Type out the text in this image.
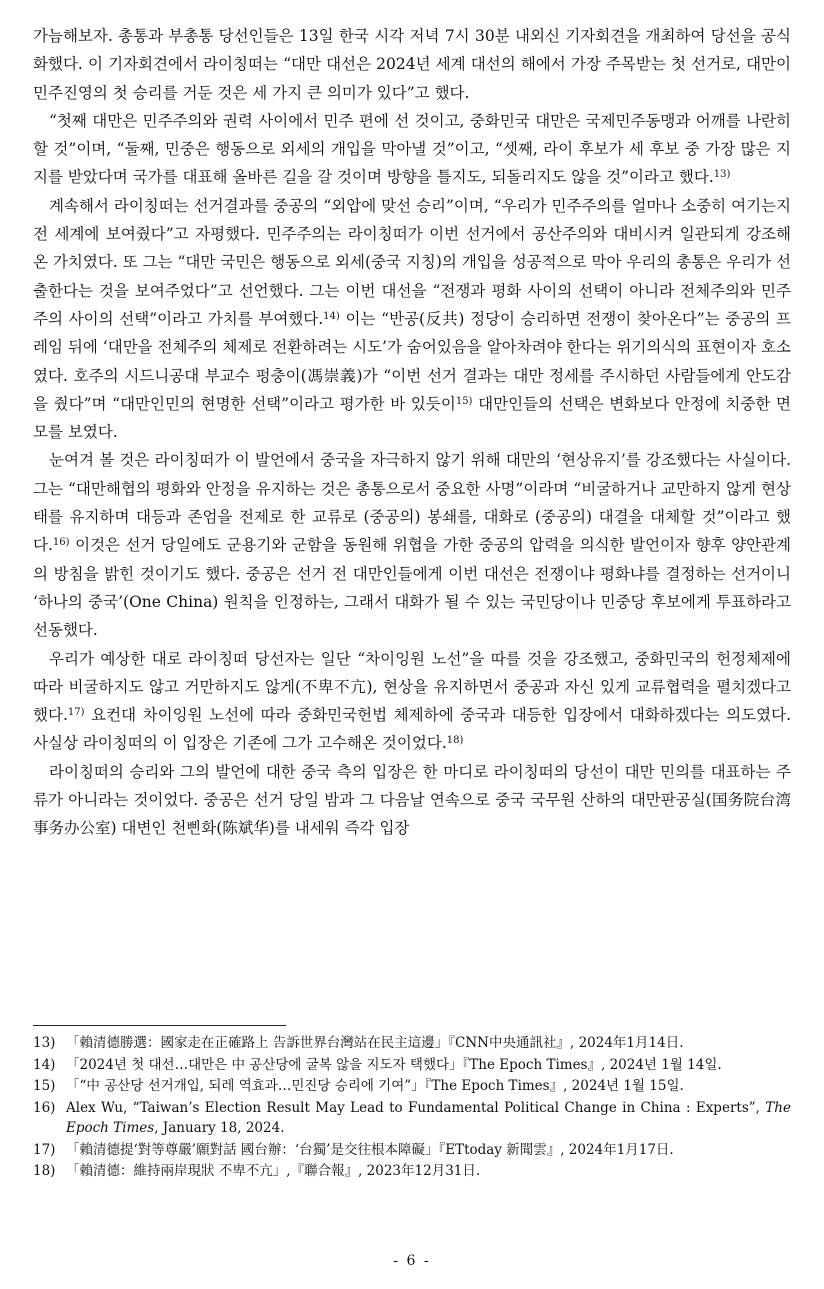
가늠해보자. 총통과 부총통 당선인들은 13일 한국 시각 저녁 7시 30분 내외신 기자회견을 개최하여 당선을 공식화했다. 이 기자회견에서 라이칭떠는 “대만 대선은 2024년 세계 대선의 해에서 가장 주목받는 첫 선거로, 대만이 민주진영의 첫 승리를 거둔 것은 세 가지 큰 의미가 있다”고 했다.

“첫째 대만은 민주주의와 권력 사이에서 민주 편에 선 것이고, 중화민국 대만은 국제민주동맹과 어깨를 나란히 할 것”이며, “둘째, 민중은 행동으로 외세의 개입을 막아낼 것”이고, “셋째, 라이 후보가 세 후보 중 가장 많은 지지를 받았다며 국가를 대표해 올바른 길을 갈 것이며 방향을 틀지도, 되돌리지도 않을 것”이라고 했다.$^{13)}$

계속해서 라이칭떠는 선거결과를 중공의 “외압에 맞선 승리”이며, “우리가 민주주의를 얼마나 소중히 여기는지 전 세계에 보여줬다”고 자평했다. 민주주의는 라이칭떠가 이번 선거에서 공산주의와 대비시켜 일관되게 강조해 온 가치였다. 또 그는 “대만 국민은 행동으로 외세(중국 지칭)의 개입을 성공적으로 막아 우리의 총통은 우리가 선출한다는 것을 보여주었다”고 선언했다. 그는 이번 대선을 “전쟁과 평화 사이의 선택이 아니라 전체주의와 민주주의 사이의 선택”이라고 가치를 부여했다.$^{14)}$ 이는 “반공(反共) 정당이 승리하면 전쟁이 찾아온다”는 중공의 프레임 뒤에 ‘대만을 전체주의 체제로 전환하려는 시도’가 숨어있음을 알아차려야 한다는 위기의식의 표현이자 호소였다. 호주의 시드니공대 부교수 펑충이(馮崇義)가 “이번 선거 결과는 대만 정세를 주시하던 사람들에게 안도감을 줬다”며 “대만인민의 현명한 선택”이라고 평가한 바 있듯이$^{15)}$ 대만인들의 선택은 변화보다 안정에 치중한 면모를 보였다.

눈여겨 볼 것은 라이칭떠가 이 발언에서 중국을 자극하지 않기 위해 대만의 ‘현상유지’를 강조했다는 사실이다. 그는 “대만해협의 평화와 안정을 유지하는 것은 총통으로서 중요한 사명”이라며 “비굴하거나 교만하지 않게 현상태를 유지하며 대등과 존엄을 전제로 한 교류로 (중공의) 봉쇄를, 대화로 (중공의) 대결을 대체할 것”이라고 했다.$^{16)}$ 이것은 선거 당일에도 군용기와 군함을 동원해 위협을 가한 중공의 압력을 의식한 발언이자 향후 양안관계의 방침을 밝힌 것이기도 했다. 중공은 선거 전 대만인들에게 이번 대선은 전쟁이냐 평화냐를 결정하는 선거이니 ‘하나의 중국’(One China) 원칙을 인정하는, 그래서 대화가 될 수 있는 국민당이나 민중당 후보에게 투표하라고 선동했다.

우리가 예상한 대로 라이칭떠 당선자는 일단 “차이잉원 노선”을 따를 것을 강조했고, 중화민국의 헌정체제에 따라 비굴하지도 않고 거만하지도 않게(不卑不亢), 현상을 유지하면서 중공과 자신 있게 교류협력을 펼치겠다고 했다.$^{17)}$ 요컨대 차이잉원 노선에 따라 중화민국헌법 체제하에 중국과 대등한 입장에서 대화하겠다는 의도였다. 사실상 라이칭떠의 이 입장은 기존에 그가 고수해온 것이었다.$^{18)}$

라이칭떠의 승리와 그의 발언에 대한 중국 측의 입장은 한 마디로 라이칭떠의 당선이 대만 민의를 대표하는 주류가 아니라는 것이었다. 중공은 선거 당일 밤과 그 다음날 연속으로 중국 국무원 산하의 대만판공실(国务院台湾事务办公室) 대변인 천삔화(陈斌华)를 내세워 즉각 입장

13) 「賴清德勝選：國家走在正確路上 告訴世界台灣站在民主這邊」『CNN中央通訊社』, 2024年1月14日.
14) 「2024년 첫 대선…대만은 中 공산당에 굴복 않을 지도자 택했다」『The Epoch Times』, 2024년 1월 14일.
15) 「“中 공산당 선거개입, 되레 역효과…민진당 승리에 기여”」『The Epoch Times』, 2024년 1월 15일.
16) Alex Wu, “Taiwan’s Election Result May Lead to Fundamental Political Change in China : Experts”, The Epoch Times, January 18, 2024.
17) 「賴清德提‘對等尊嚴’願對話 國台辦：‘台獨’是交往根本障礙」『ETtoday 新聞雲』, 2024年1月17日.
18) 「賴清德：維持兩岸現狀 不卑不亢」,『聯合報』, 2023年12月31日.
- 6 -
